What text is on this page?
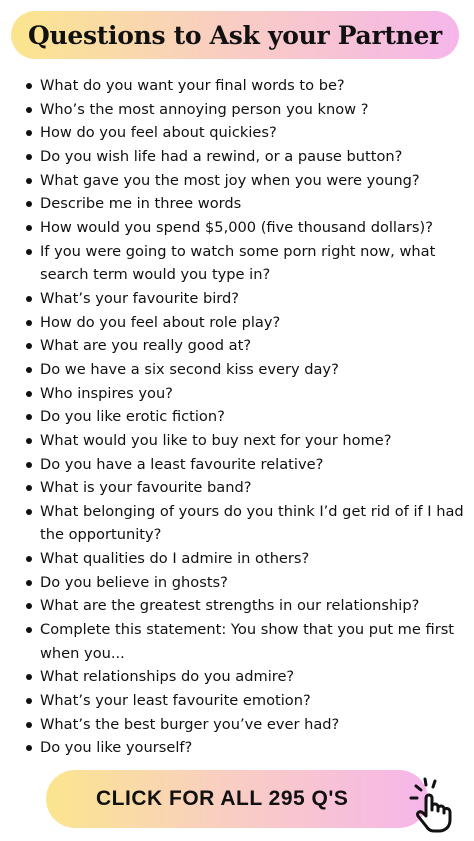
Questions to Ask your Partner
What do you want your final words to be?
Who’s the most annoying person you know ?
How do you feel about quickies?
Do you wish life had a rewind, or a pause button?
What gave you the most joy when you were young?
Describe me in three words
How would you spend $5,000 (five thousand dollars)?
If you were going to watch some porn right now, what
search term would you type in?
What’s your favourite bird?
How do you feel about role play?
What are you really good at?
Do we have a six second kiss every day?
Who inspires you?
Do you like erotic fiction?
What would you like to buy next for your home?
Do you have a least favourite relative?
What is your favourite band?
What belonging of yours do you think I’d get rid of if I had
the opportunity?
What qualities do I admire in others?
Do you believe in ghosts?
What are the greatest strengths in our relationship?
Complete this statement: You show that you put me first
when you...
What relationships do you admire?
What’s your least favourite emotion?
What’s the best burger you’ve ever had?
Do you like yourself?
CLICK FOR ALL 295 Q'S
